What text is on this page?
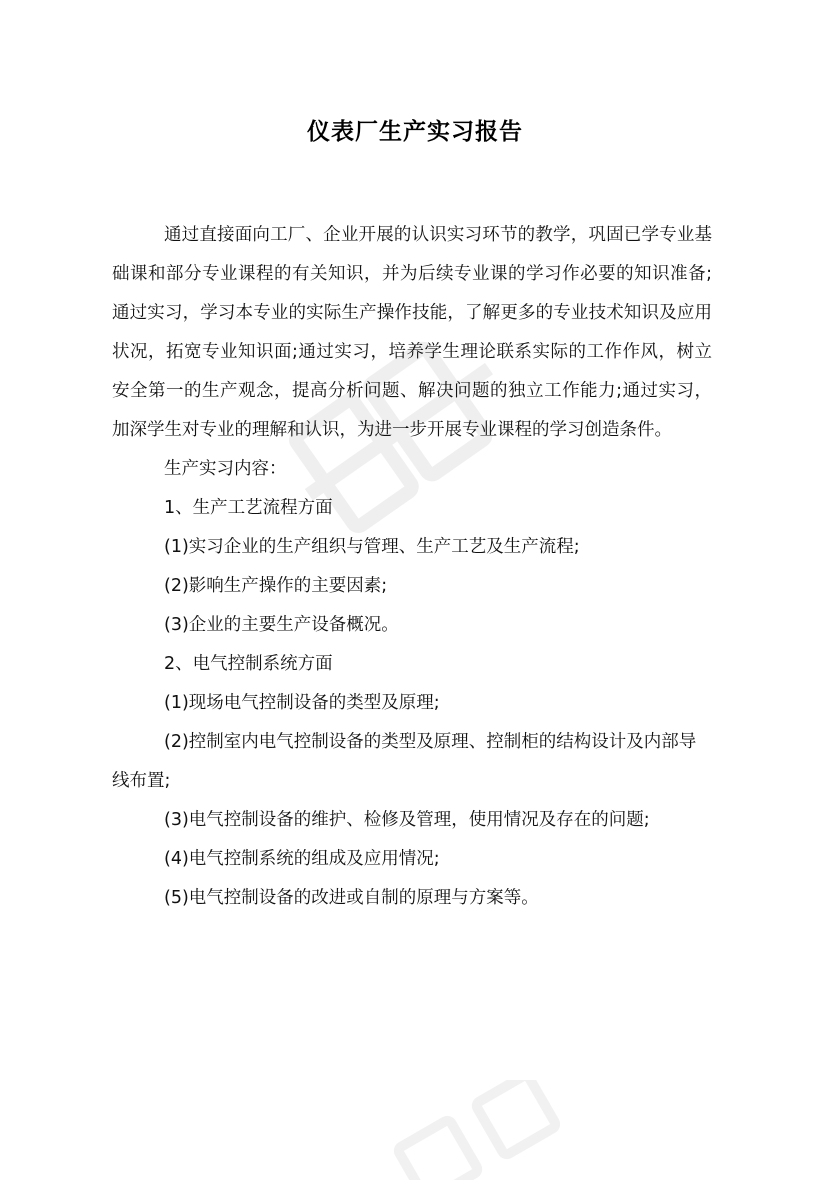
仪表厂生产实习报告

通过直接面向工厂、企业开展的认识实习环节的教学，巩固已学专业基础课和部分专业课程的有关知识，并为后续专业课的学习作必要的知识准备;通过实习，学习本专业的实际生产操作技能，了解更多的专业技术知识及应用状况，拓宽专业知识面;通过实习，培养学生理论联系实际的工作作风，树立安全第一的生产观念，提高分析问题、解决问题的独立工作能力;通过实习，加深学生对专业的理解和认识，为进一步开展专业课程的学习创造条件。

生产实习内容：

1、生产工艺流程方面

(1)实习企业的生产组织与管理、生产工艺及生产流程;

(2)影响生产操作的主要因素;

(3)企业的主要生产设备概况。

2、电气控制系统方面

(1)现场电气控制设备的类型及原理;

(2)控制室内电气控制设备的类型及原理、控制柜的结构设计及内部导线布置;

(3)电气控制设备的维护、检修及管理，使用情况及存在的问题;

(4)电气控制系统的组成及应用情况;

(5)电气控制设备的改进或自制的原理与方案等。
